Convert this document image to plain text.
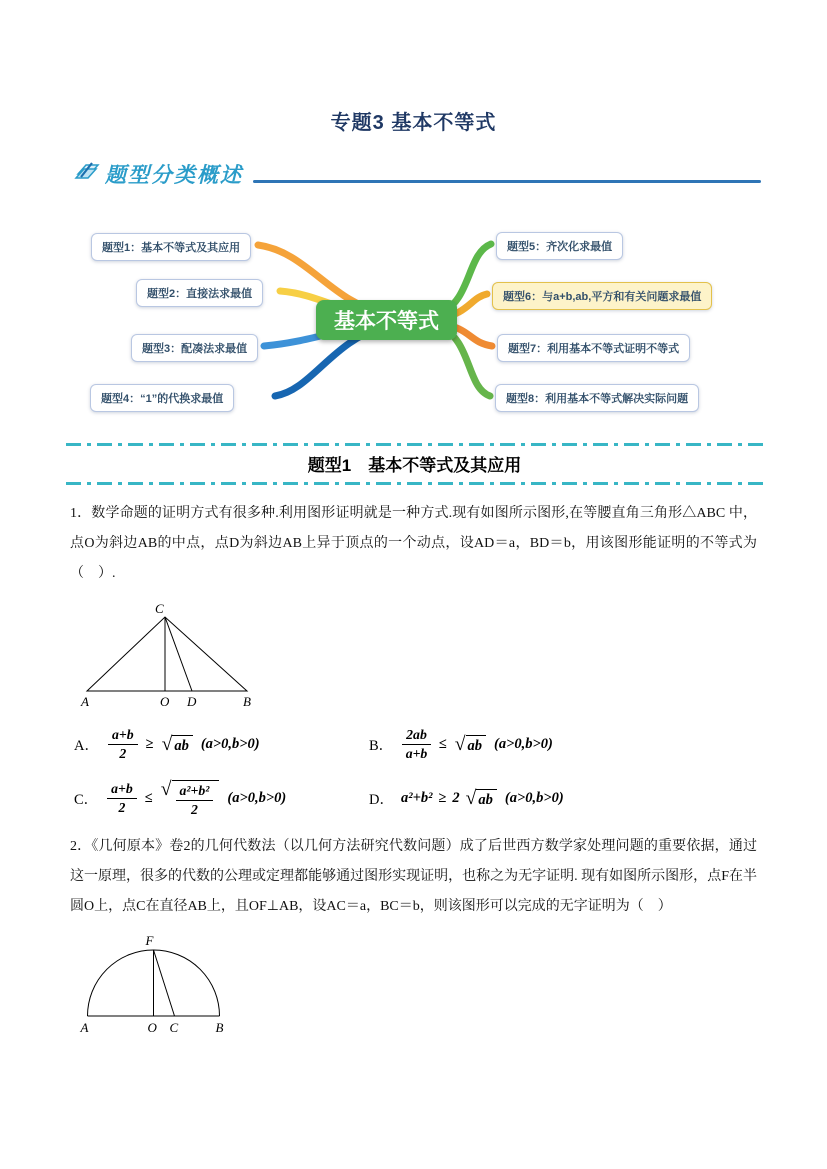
专题3 基本不等式
题型分类概述
题型1：基本不等式及其应用
题型2：直接法求最值
题型3：配凑法求最值
题型4：“1”的代换求最值
题型5：齐次化求最值
题型6：与a+b,ab,平方和有关问题求最值
题型7：利用基本不等式证明不等式
题型8：利用基本不等式解决实际问题
基本不等式
题型1　基本不等式及其应用

1．数学命题的证明方式有很多种.利用图形证明就是一种方式.现有如图所示图形,在等腰直角三角形△ABC 中，点O为斜边AB的中点，点D为斜边AB上异于顶点的一个动点，设AD＝a，BD＝b，用该图形能证明的不等式为（　）.

C
A	O D	B
A． $\frac{a+b}{2}$ ≥ √ ab (a>0,b>0)	B． $\frac{2ab}{a+b}$ ≤ √ ab (a>0,b>0)
C． $\frac{a+b}{2}$ ≤ √ $\frac{\text{a²+b²}}{2} (a>0,b>0)$	D． a²+b² ≥ 2 √ ab (a>0,b>0)

2．《几何原本》卷2的几何代数法（以几何方法研究代数问题）成了后世西方数学家处理问题的重要依据，通过这一原理，很多的代数的公理或定理都能够通过图形实现证明，也称之为无字证明. 现有如图所示图形，点F在半圆O上，点C在直径AB上，且OF⊥AB，设AC＝a，BC＝b，则该图形可以完成的无字证明为（　）

F
A	O C	B
